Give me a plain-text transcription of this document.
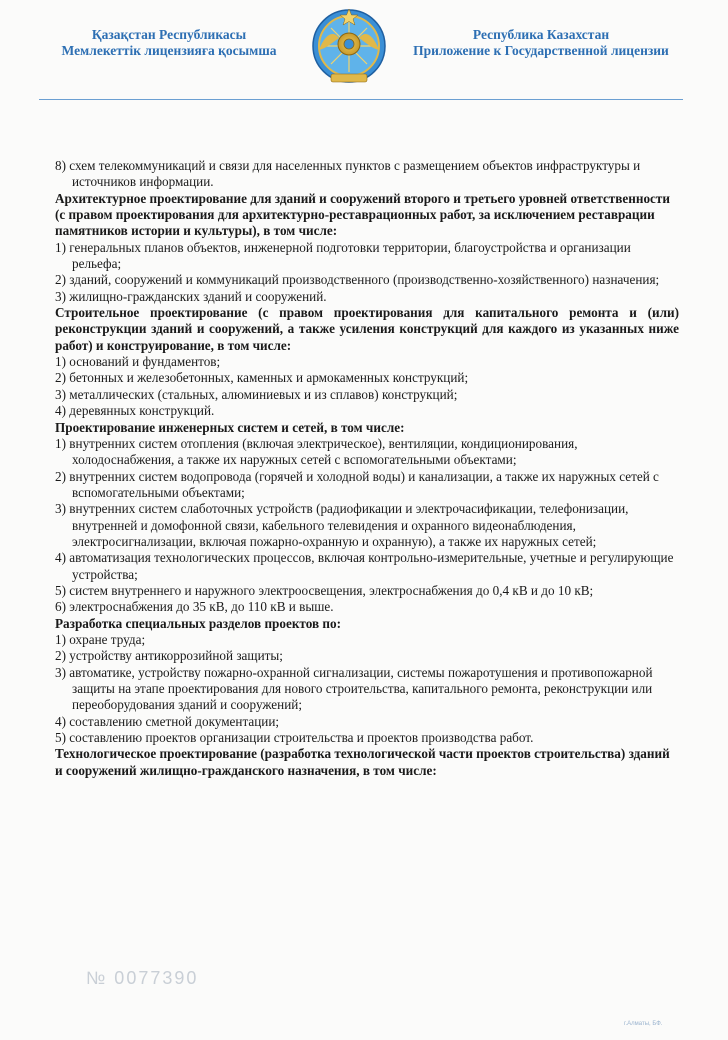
Қазақстан Республикасы
Мемлекеттік лицензияға қосымша
Республика Казахстан
Приложение к Государственной лицензии

8) схем телекоммуникаций и связи для населенных пунктов с размещением объектов инфраструктуры и источников информации.

Архитектурное проектирование для зданий и сооружений второго и третьего уровней ответственности (с правом проектирования для архитектурно-реставрационных работ, за исключением реставрации памятников истории и культуры), в том числе:

1) генеральных планов объектов, инженерной подготовки территории, благоустройства и организации рельефа;

2) зданий, сооружений и коммуникаций производственного (производственно-хозяйственного) назначения;

3) жилищно-гражданских зданий и сооружений.

Строительное проектирование (с правом проектирования для капитального ремонта и (или) реконструкции зданий и сооружений, а также усиления конструкций для каждого из указанных ниже работ) и конструирование, в том числе:

1) оснований и фундаментов;

2) бетонных и железобетонных, каменных и армокаменных конструкций;

3) металлических (стальных, алюминиевых и из сплавов) конструкций;

4) деревянных конструкций.

Проектирование инженерных систем и сетей, в том числе:

1) внутренних систем отопления (включая электрическое), вентиляции, кондиционирования, холодоснабжения, а также их наружных сетей с вспомогательными объектами;

2) внутренних систем водопровода (горячей и холодной воды) и канализации, а также их наружных сетей с вспомогательными объектами;

3) внутренних систем слаботочных устройств (радиофикации и электрочасификации, телефонизации, внутренней и домофонной связи, кабельного телевидения и охранного видеонаблюдения, электросигнализации, включая пожарно-охранную и охранную), а также их наружных сетей;

4) автоматизация технологических процессов, включая контрольно-измерительные, учетные и регулирующие устройства;

5) систем внутреннего и наружного электроосвещения, электроснабжения до 0,4 кВ и до 10 кВ;

6) электроснабжения до 35 кВ, до 110 кВ и выше.

Разработка специальных разделов проектов по:

1) охране труда;

2) устройству антикоррозийной защиты;

3) автоматике, устройству пожарно-охранной сигнализации, системы пожаротушения и противопожарной защиты на этапе проектирования для нового строительства, капитального ремонта, реконструкции или переоборудования зданий и сооружений;

4) составлению сметной документации;

5) составлению проектов организации строительства и проектов производства работ.

Технологическое проектирование (разработка технологической части проектов строительства) зданий и сооружений жилищно-гражданского назначения, в том числе:

№ 0077390
г.Алматы, БФ.
